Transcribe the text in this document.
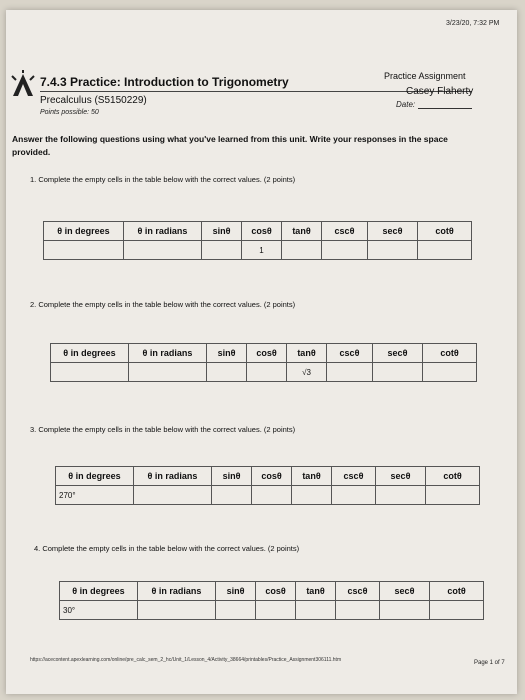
3/23/20, 7:32 PM
7.4.3 Practice: Introduction to Trigonometry
Precalculus (S5150229)
Points possible: 50
Practice Assignment
Casey Flaherty
Date:
Answer the following questions using what you've learned from this unit. Write your responses in the space provided.
1. Complete the empty cells in the table below with the correct values. (2 points)
θ in degrees	θ in radians	sinθ	cosθ	tanθ	cscθ	secθ	cotθ
			1				
2. Complete the empty cells in the table below with the correct values. (2 points)
θ in degrees	θ in radians	sinθ	cosθ	tanθ	cscθ	secθ	cotθ
				√3			
3. Complete the empty cells in the table below with the correct values. (2 points)
θ in degrees	θ in radians	sinθ	cosθ	tanθ	cscθ	secθ	cotθ
270°							
4. Complete the empty cells in the table below with the correct values. (2 points)
θ in degrees	θ in radians	sinθ	cosθ	tanθ	cscθ	secθ	cotθ
30°							
https://acecontent.apexlearning.com/online/pre_calc_sem_2_hc/Unit_1/Lesson_4/Activity_38664/printables/Practice_Assignment306111.htm	Page 1 of 7
